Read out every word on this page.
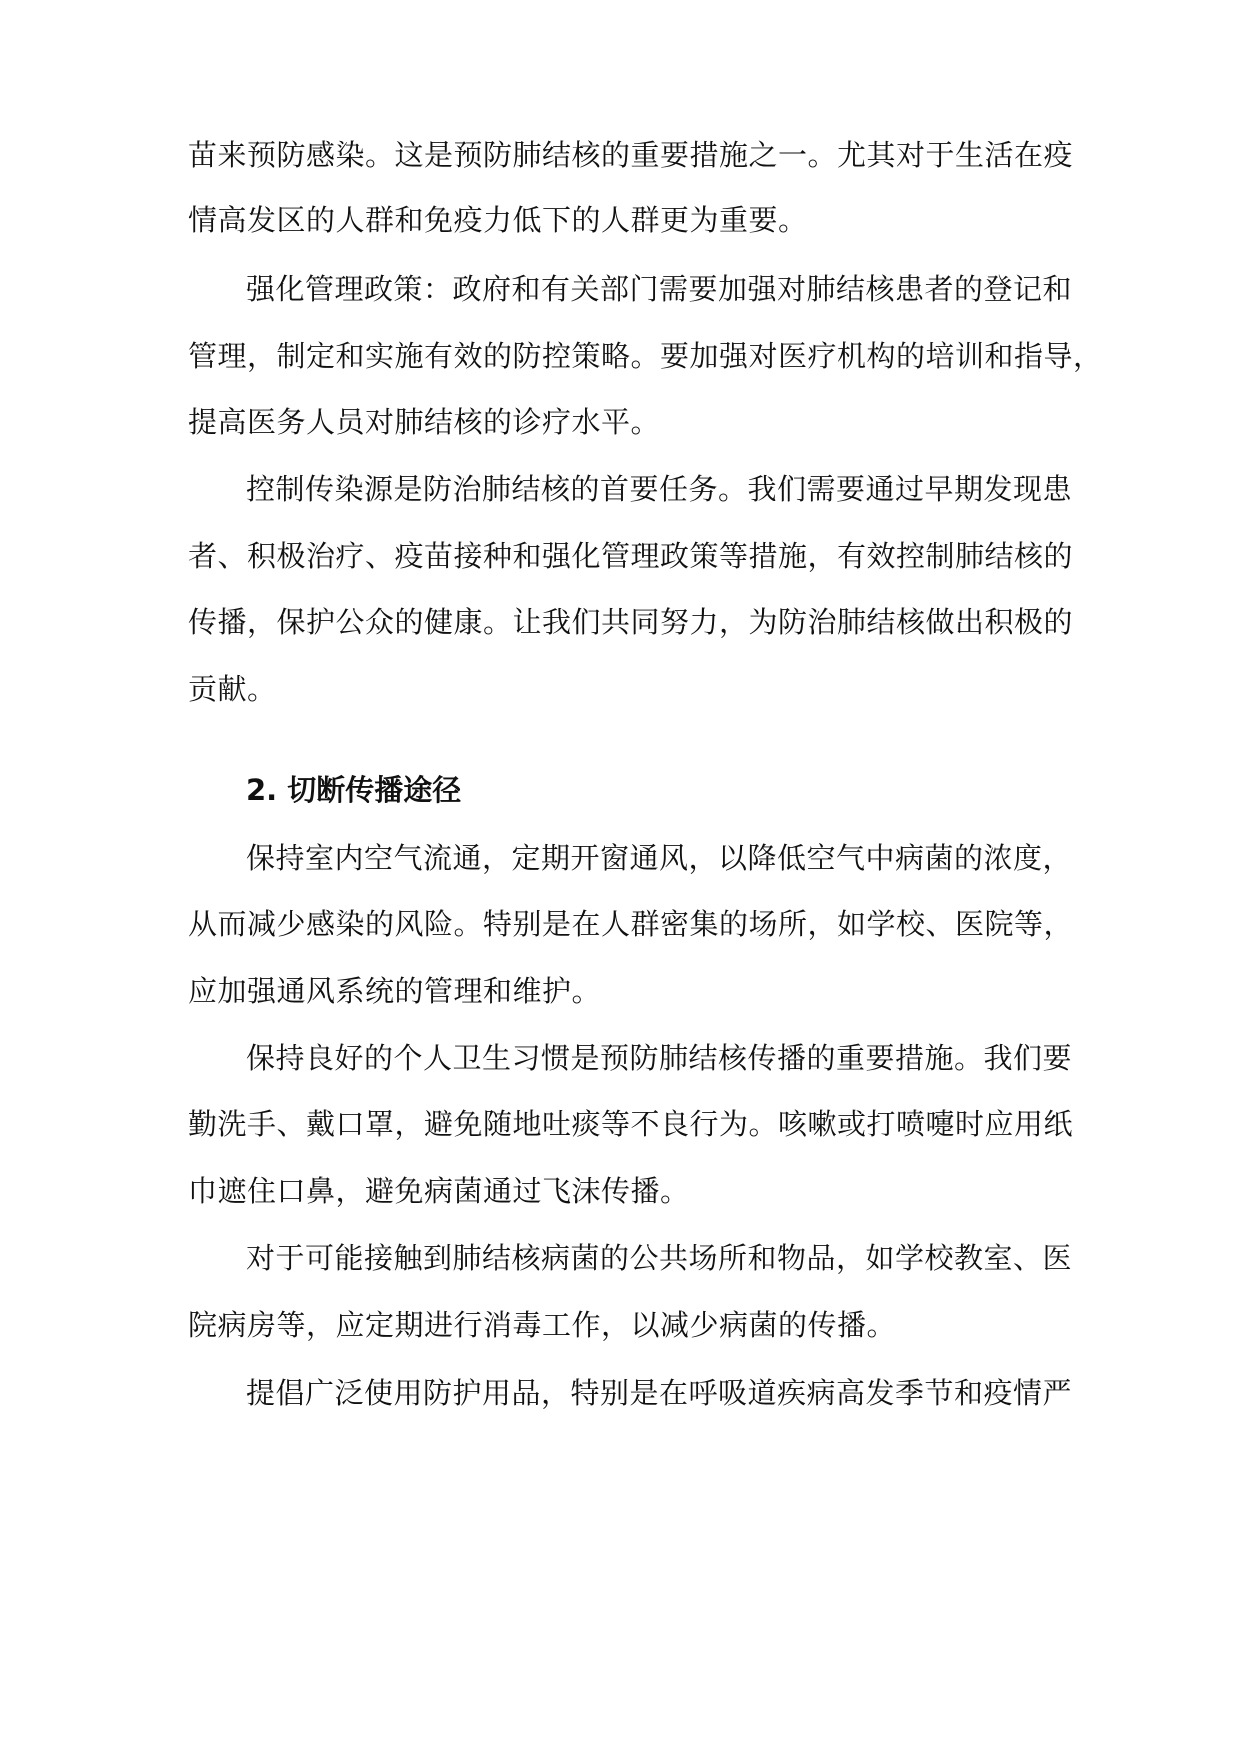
苗来预防感染。这是预防肺结核的重要措施之一。尤其对于生活在疫
情高发区的人群和免疫力低下的人群更为重要。
强化管理政策：政府和有关部门需要加强对肺结核患者的登记和
管理，制定和实施有效的防控策略。要加强对医疗机构的培训和指导，
提高医务人员对肺结核的诊疗水平。
控制传染源是防治肺结核的首要任务。我们需要通过早期发现患
者、积极治疗、疫苗接种和强化管理政策等措施，有效控制肺结核的
传播，保护公众的健康。让我们共同努力，为防治肺结核做出积极的
贡献。
2. 切断传播途径
保持室内空气流通，定期开窗通风，以降低空气中病菌的浓度，
从而减少感染的风险。特别是在人群密集的场所，如学校、医院等，
应加强通风系统的管理和维护。
保持良好的个人卫生习惯是预防肺结核传播的重要措施。我们要
勤洗手、戴口罩，避免随地吐痰等不良行为。咳嗽或打喷嚏时应用纸
巾遮住口鼻，避免病菌通过飞沫传播。
对于可能接触到肺结核病菌的公共场所和物品，如学校教室、医
院病房等，应定期进行消毒工作，以减少病菌的传播。
提倡广泛使用防护用品，特别是在呼吸道疾病高发季节和疫情严
